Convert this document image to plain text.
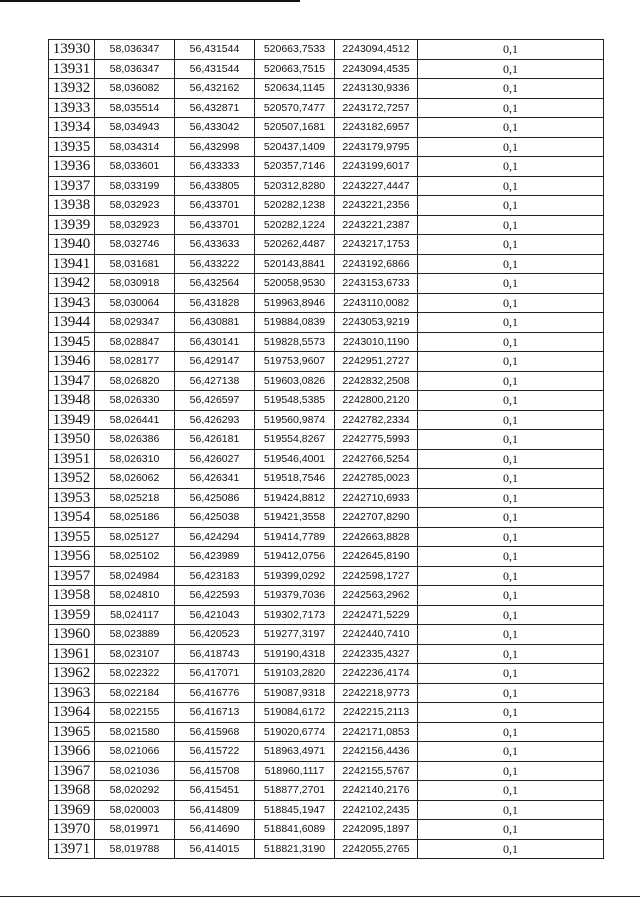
13930	58,036347	56,431544	520663,7533	2243094,4512	0,1
13931	58,036347	56,431544	520663,7515	2243094,4535	0,1
13932	58,036082	56,432162	520634,1145	2243130,9336	0,1
13933	58,035514	56,432871	520570,7477	2243172,7257	0,1
13934	58,034943	56,433042	520507,1681	2243182,6957	0,1
13935	58,034314	56,432998	520437,1409	2243179,9795	0,1
13936	58,033601	56,433333	520357,7146	2243199,6017	0,1
13937	58,033199	56,433805	520312,8280	2243227,4447	0,1
13938	58,032923	56,433701	520282,1238	2243221,2356	0,1
13939	58,032923	56,433701	520282,1224	2243221,2387	0,1
13940	58,032746	56,433633	520262,4487	2243217,1753	0,1
13941	58,031681	56,433222	520143,8841	2243192,6866	0,1
13942	58,030918	56,432564	520058,9530	2243153,6733	0,1
13943	58,030064	56,431828	519963,8946	2243110,0082	0,1
13944	58,029347	56,430881	519884,0839	2243053,9219	0,1
13945	58,028847	56,430141	519828,5573	2243010,1190	0,1
13946	58,028177	56,429147	519753,9607	2242951,2727	0,1
13947	58,026820	56,427138	519603,0826	2242832,2508	0,1
13948	58,026330	56,426597	519548,5385	2242800,2120	0,1
13949	58,026441	56,426293	519560,9874	2242782,2334	0,1
13950	58,026386	56,426181	519554,8267	2242775,5993	0,1
13951	58,026310	56,426027	519546,4001	2242766,5254	0,1
13952	58,026062	56,426341	519518,7546	2242785,0023	0,1
13953	58,025218	56,425086	519424,8812	2242710,6933	0,1
13954	58,025186	56,425038	519421,3558	2242707,8290	0,1
13955	58,025127	56,424294	519414,7789	2242663,8828	0,1
13956	58,025102	56,423989	519412,0756	2242645,8190	0,1
13957	58,024984	56,423183	519399,0292	2242598,1727	0,1
13958	58,024810	56,422593	519379,7036	2242563,2962	0,1
13959	58,024117	56,421043	519302,7173	2242471,5229	0,1
13960	58,023889	56,420523	519277,3197	2242440,7410	0,1
13961	58,023107	56,418743	519190,4318	2242335,4327	0,1
13962	58,022322	56,417071	519103,2820	2242236,4174	0,1
13963	58,022184	56,416776	519087,9318	2242218,9773	0,1
13964	58,022155	56,416713	519084,6172	2242215,2113	0,1
13965	58,021580	56,415968	519020,6774	2242171,0853	0,1
13966	58,021066	56,415722	518963,4971	2242156,4436	0,1
13967	58,021036	56,415708	518960,1117	2242155,5767	0,1
13968	58,020292	56,415451	518877,2701	2242140,2176	0,1
13969	58,020003	56,414809	518845,1947	2242102,2435	0,1
13970	58,019971	56,414690	518841,6089	2242095,1897	0,1
13971	58,019788	56,414015	518821,3190	2242055,2765	0,1
